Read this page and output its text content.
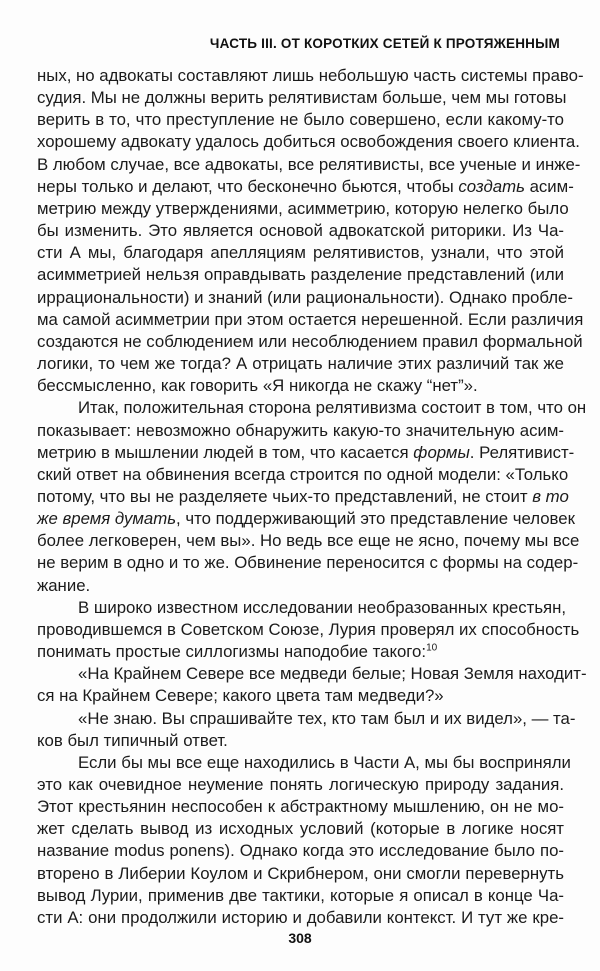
ЧАСТЬ III. ОТ КОРОТКИХ СЕТЕЙ К ПРОТЯЖЕННЫМ

ных, но адвокаты составляют лишь небольшую часть системы право-
судия. Мы не должны верить релятивистам больше, чем мы готовы
верить в то, что преступление не было совершено, если какому-то
хорошему адвокату удалось добиться освобождения своего клиента.
В любом случае, все адвокаты, все релятивисты, все ученые и инже-
неры только и делают, что бесконечно бьются, чтобы создать асим-
метрию между утверждениями, асимметрию, которую нелегко было
бы изменить. Это является основой адвокатской риторики. Из Ча-
сти А мы, благодаря апелляциям релятивистов, узнали, что этой
асимметрией нельзя оправдывать разделение представлений (или
иррациональности) и знаний (или рациональности). Однако пробле-
ма самой асимметрии при этом остается нерешенной. Если различия
создаются не соблюдением или несоблюдением правил формальной
логики, то чем же тогда? А отрицать наличие этих различий так же
бессмысленно, как говорить «Я никогда не скажу “нет”».

Итак, положительная сторона релятивизма состоит в том, что он
показывает: невозможно обнаружить какую-то значительную асим-
метрию в мышлении людей в том, что касается формы. Релятивист-
ский ответ на обвинения всегда строится по одной модели: «Только
потому, что вы не разделяете чьих-то представлений, не стоит в то
же время думать, что поддерживающий это представление человек
более легковерен, чем вы». Но ведь все еще не ясно, почему мы все
не верим в одно и то же. Обвинение переносится с формы на содер-
жание.

В широко известном исследовании необразованных крестьян,
проводившемся в Советском Союзе, Лурия проверял их способность
понимать простые силлогизмы наподобие такого:$^{10}$

«На Крайнем Севере все медведи белые; Новая Земля находит-
ся на Крайнем Севере; какого цвета там медведи?»

«Не знаю. Вы спрашивайте тех, кто там был и их видел», — та-
ков был типичный ответ.

Если бы мы все еще находились в Части А, мы бы восприняли
это как очевидное неумение понять логическую природу задания.
Этот крестьянин неспособен к абстрактному мышлению, он не мо-
жет сделать вывод из исходных условий (которые в логике носят
название modus ponens). Однако когда это исследование было по-
вторено в Либерии Коулом и Скрибнером, они смогли перевернуть
вывод Лурии, применив две тактики, которые я описал в конце Ча-
сти А: они продолжили историю и добавили контекст. И тут же кре-

308
